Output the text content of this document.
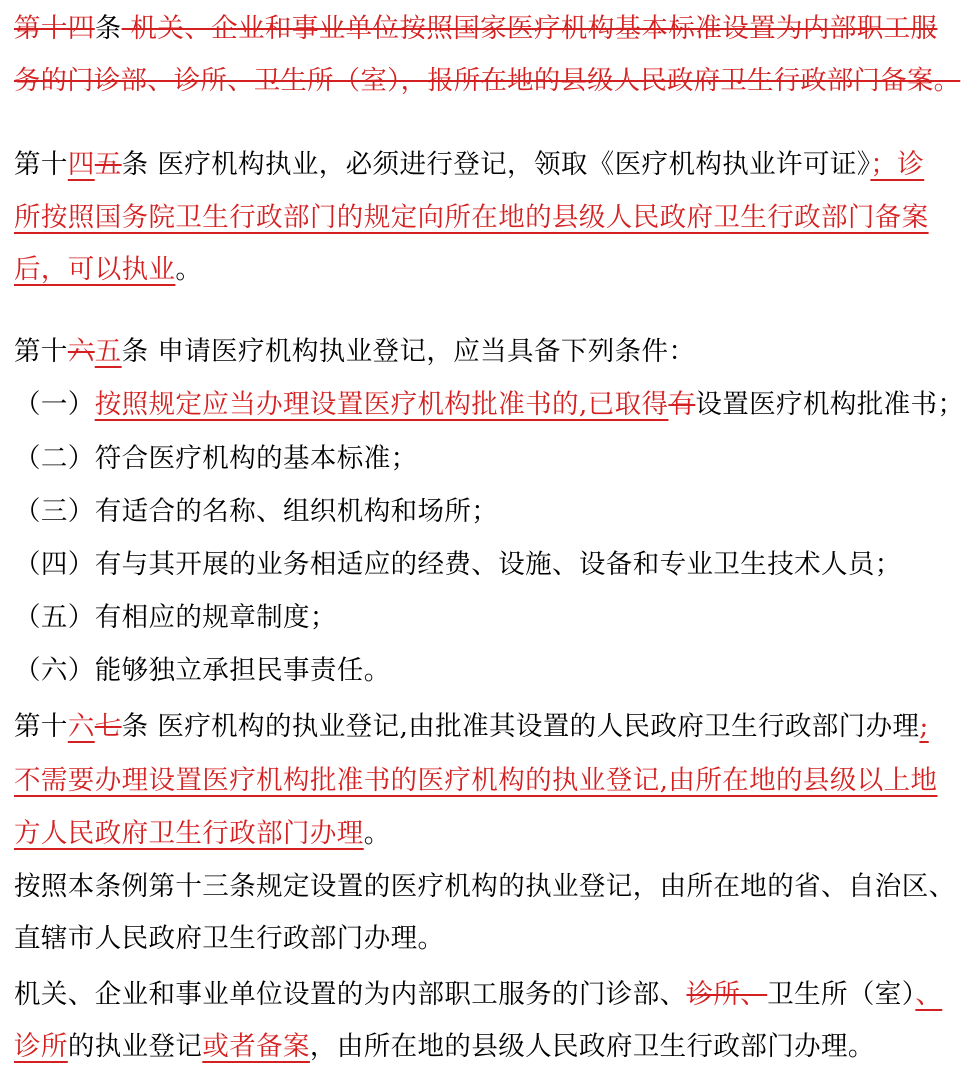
第十四条 机关、企业和事业单位按照国家医疗机构基本标准设置为内部职工服
务的门诊部、诊所、卫生所（室），报所在地的县级人民政府卫生行政部门备案。
第十四五条 医疗机构执业，必须进行登记，领取《医疗机构执业许可证》；诊
所按照国务院卫生行政部门的规定向所在地的县级人民政府卫生行政部门备案
后，可以执业。
第十六五条 申请医疗机构执业登记，应当具备下列条件：
（一）按照规定应当办理设置医疗机构批准书的,已取得有设置医疗机构批准书；
（二）符合医疗机构的基本标准；
（三）有适合的名称、组织机构和场所；
（四）有与其开展的业务相适应的经费、设施、设备和专业卫生技术人员；
（五）有相应的规章制度；
（六）能够独立承担民事责任。
第十六七条 医疗机构的执业登记,由批准其设置的人民政府卫生行政部门办理;
不需要办理设置医疗机构批准书的医疗机构的执业登记,由所在地的县级以上地
方人民政府卫生行政部门办理。
按照本条例第十三条规定设置的医疗机构的执业登记，由所在地的省、自治区、
直辖市人民政府卫生行政部门办理。
机关、企业和事业单位设置的为内部职工服务的门诊部、诊所、卫生所（室）、
诊所的执业登记或者备案，由所在地的县级人民政府卫生行政部门办理。
